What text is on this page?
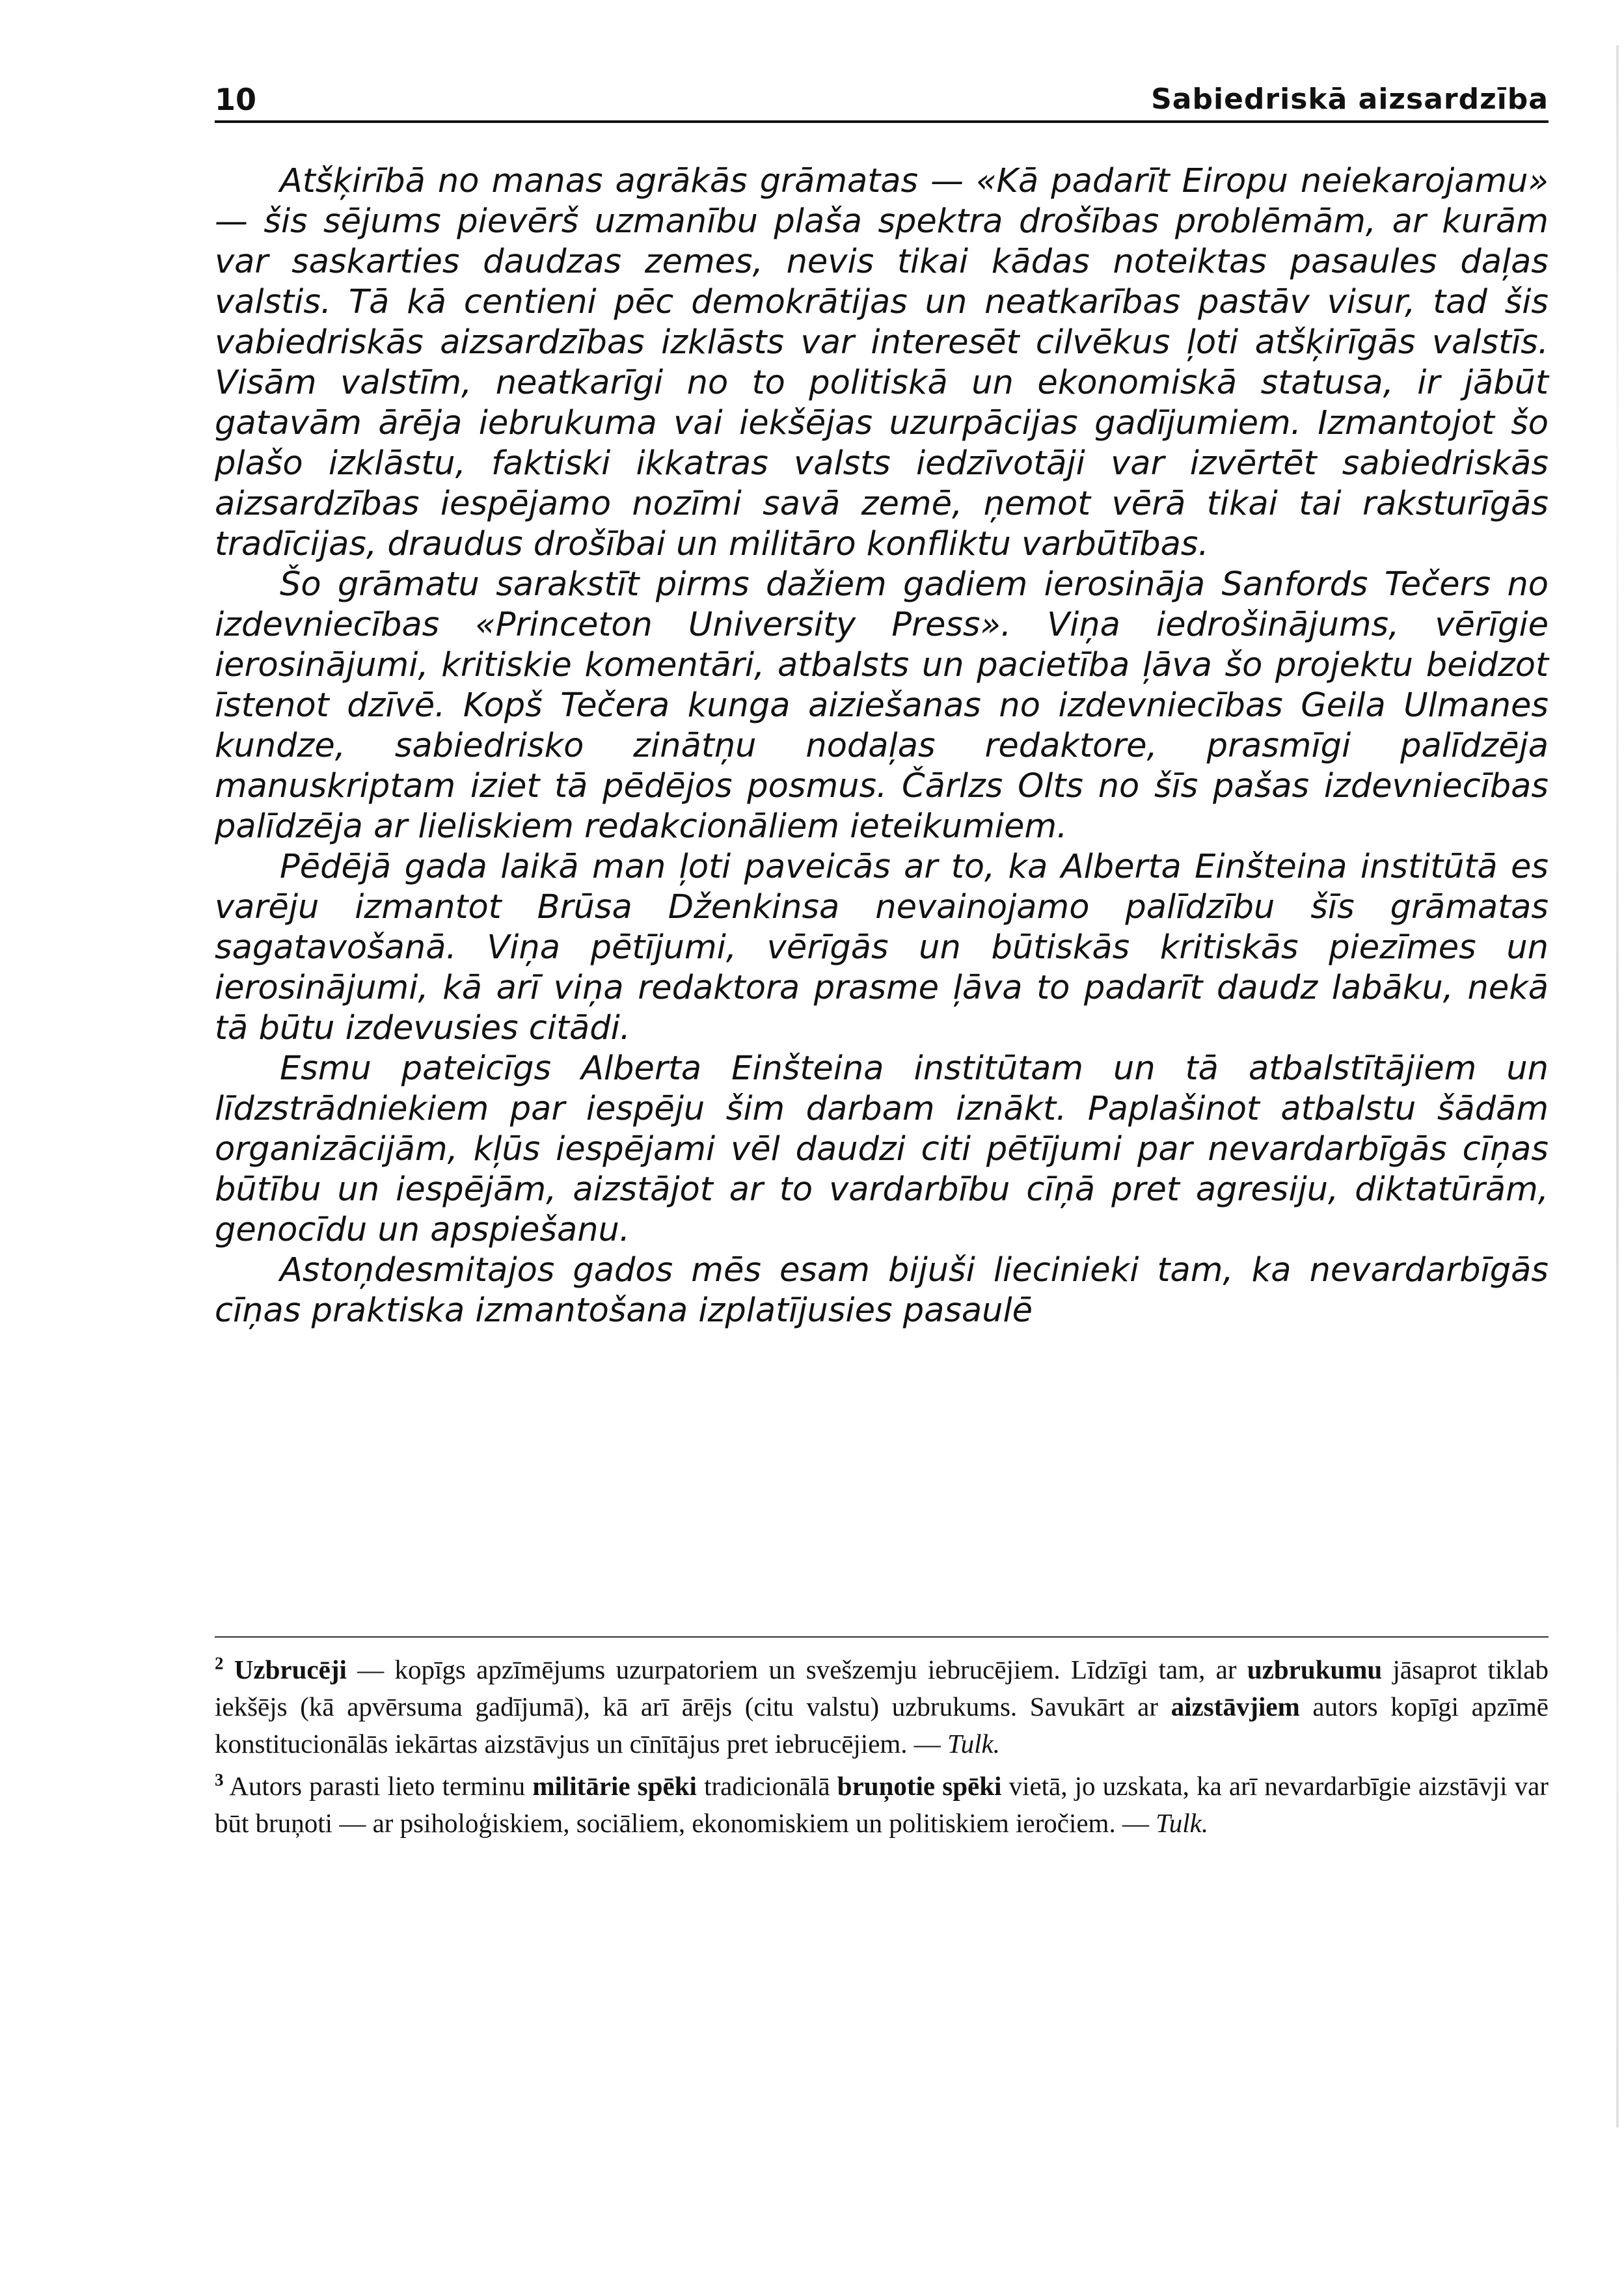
10	Sabiedriskā aizsardzība

Atšķirībā no manas agrākās grāmatas — «Kā padarīt Eiropu neiekarojamu» — šis sējums pievērš uzmanību plaša spektra drošības problēmām, ar kurām var saskarties daudzas zemes, nevis tikai kādas noteiktas pasaules daļas valstis. Tā kā centieni pēc demokrātijas un neatkarības pastāv visur, tad šis vabiedriskās aizsardzības izklāsts var interesēt cilvēkus ļoti atšķirīgās valstīs. Visām valstīm, neatkarīgi no to politiskā un ekonomiskā statusa, ir jābūt gatavām ārēja iebrukuma vai iekšējas uzurpācijas gadījumiem. Izmantojot šo plašo izklāstu, faktiski ikkatras valsts iedzīvotāji var izvērtēt sabiedriskās aizsardzības iespējamo nozīmi savā zemē, ņemot vērā tikai tai raksturīgās tradīcijas, draudus drošībai un militāro konfliktu varbūtības.

Šo grāmatu sarakstīt pirms dažiem gadiem ierosināja Sanfords Tečers no izdevniecības «Princeton University Press». Viņa iedrošinājums, vērīgie ierosinājumi, kritiskie komentāri, atbalsts un pacietība ļāva šo projektu beidzot īstenot dzīvē. Kopš Tečera kunga aiziešanas no izdevniecības Geila Ulmanes kundze, sabiedrisko zinātņu nodaļas redaktore, prasmīgi palīdzēja manuskriptam iziet tā pēdējos posmus. Čārlzs Olts no šīs pašas izdevniecības palīdzēja ar lieliskiem redakcionāliem ieteikumiem.

Pēdējā gada laikā man ļoti paveicās ar to, ka Alberta Einšteina institūtā es varēju izmantot Brūsa Dženkinsa nevainojamo palīdzību šīs grāmatas sagatavošanā. Viņa pētījumi, vērīgās un būtiskās kritiskās piezīmes un ierosinājumi, kā arī viņa redaktora prasme ļāva to padarīt daudz labāku, nekā tā būtu izdevusies citādi.

Esmu pateicīgs Alberta Einšteina institūtam un tā atbalstītājiem un līdzstrādniekiem par iespēju šim darbam iznākt. Paplašinot atbalstu šādām organizācijām, kļūs iespējami vēl daudzi citi pētījumi par nevardarbīgās cīņas būtību un iespējām, aizstājot ar to vardarbību cīņā pret agresiju, diktatūrām, genocīdu un apspiešanu.

Astoņdesmitajos gados mēs esam bijuši liecinieki tam, ka nevardarbīgās cīņas praktiska izmantošana izplatījusies pasaulē

$^2$ Uzbrucēji — kopīgs apzīmējums uzurpatoriem un svešzemju iebrucējiem. Līdzīgi tam, ar uzbrukumu jāsaprot tiklab iekšējs (kā apvērsuma gadījumā), kā arī ārējs (citu valstu) uzbrukums. Savukārt ar aizstāvjiem autors kopīgi apzīmē konstitucionālās iekārtas aizstāvjus un cīnītājus pret iebrucējiem. — Tulk.

$^3$ Autors parasti lieto terminu militārie spēki tradicionālā bruņotie spēki vietā, jo uzskata, ka arī nevardarbīgie aizstāvji var būt bruņoti — ar psiholoģiskiem, sociāliem, ekonomiskiem un politiskiem ieročiem. — Tulk.
